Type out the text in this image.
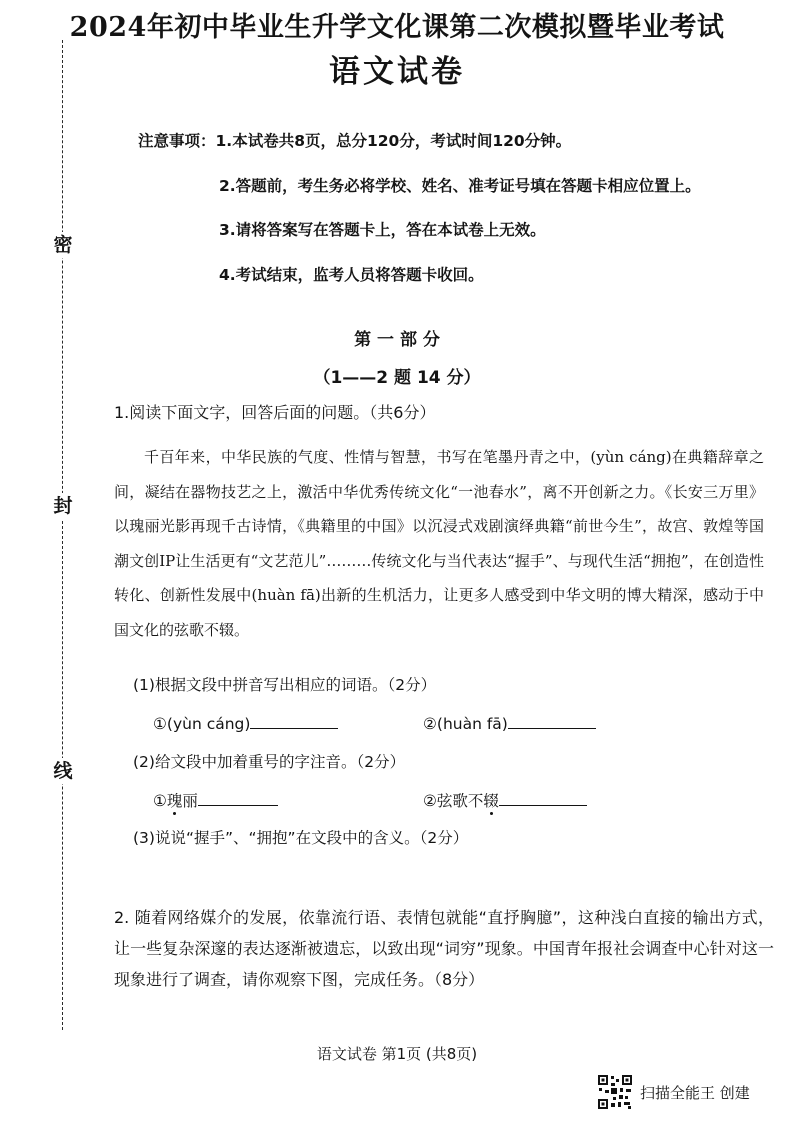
密
封
线
2024年初中毕业生升学文化课第二次模拟暨毕业考试
语文试卷
注意事项：1.本试卷共8页，总分120分，考试时间120分钟。
2.答题前，考生务必将学校、姓名、准考证号填在答题卡相应位置上。
3.请将答案写在答题卡上，答在本试卷上无效。
4.考试结束，监考人员将答题卡收回。
第 一 部 分
（1——2 题 14 分）
1.阅读下面文字，回答后面的问题。（共6分）

千百年来，中华民族的气度、性情与智慧，书写在笔墨丹青之中，(yùn cáng)在典籍辞章之间，凝结在器物技艺之上，激活中华优秀传统文化“一池春水”，离不开创新之力。《长安三万里》以瑰丽光影再现千古诗情，《典籍里的中国》以沉浸式戏剧演绎典籍“前世今生”，故宫、敦煌等国潮文创IP让生活更有“文艺范儿”………传统文化与当代表达“握手”、与现代生活“拥抱”，在创造性转化、创新性发展中(huàn fā)出新的生机活力，让更多人感受到中华文明的博大精深，感动于中国文化的弦歌不辍。

(1)根据文段中拼音写出相应的词语。（2分）
①(yùn cáng)	②(huàn fā)
(2)给文段中加着重号的字注音。（2分）
①瑰丽	②弦歌不辍
(3)说说“握手”、“拥抱”在文段中的含义。（2分）
2. 随着网络媒介的发展，依靠流行语、表情包就能“直抒胸臆”，这种浅白直接的输出方式，让一些复杂深邃的表达逐渐被遗忘，以致出现“词穷”现象。中国青年报社会调查中心针对这一现象进行了调查，请你观察下图，完成任务。（8分）
语文试卷 第1页 (共8页)
扫描全能王 创建
